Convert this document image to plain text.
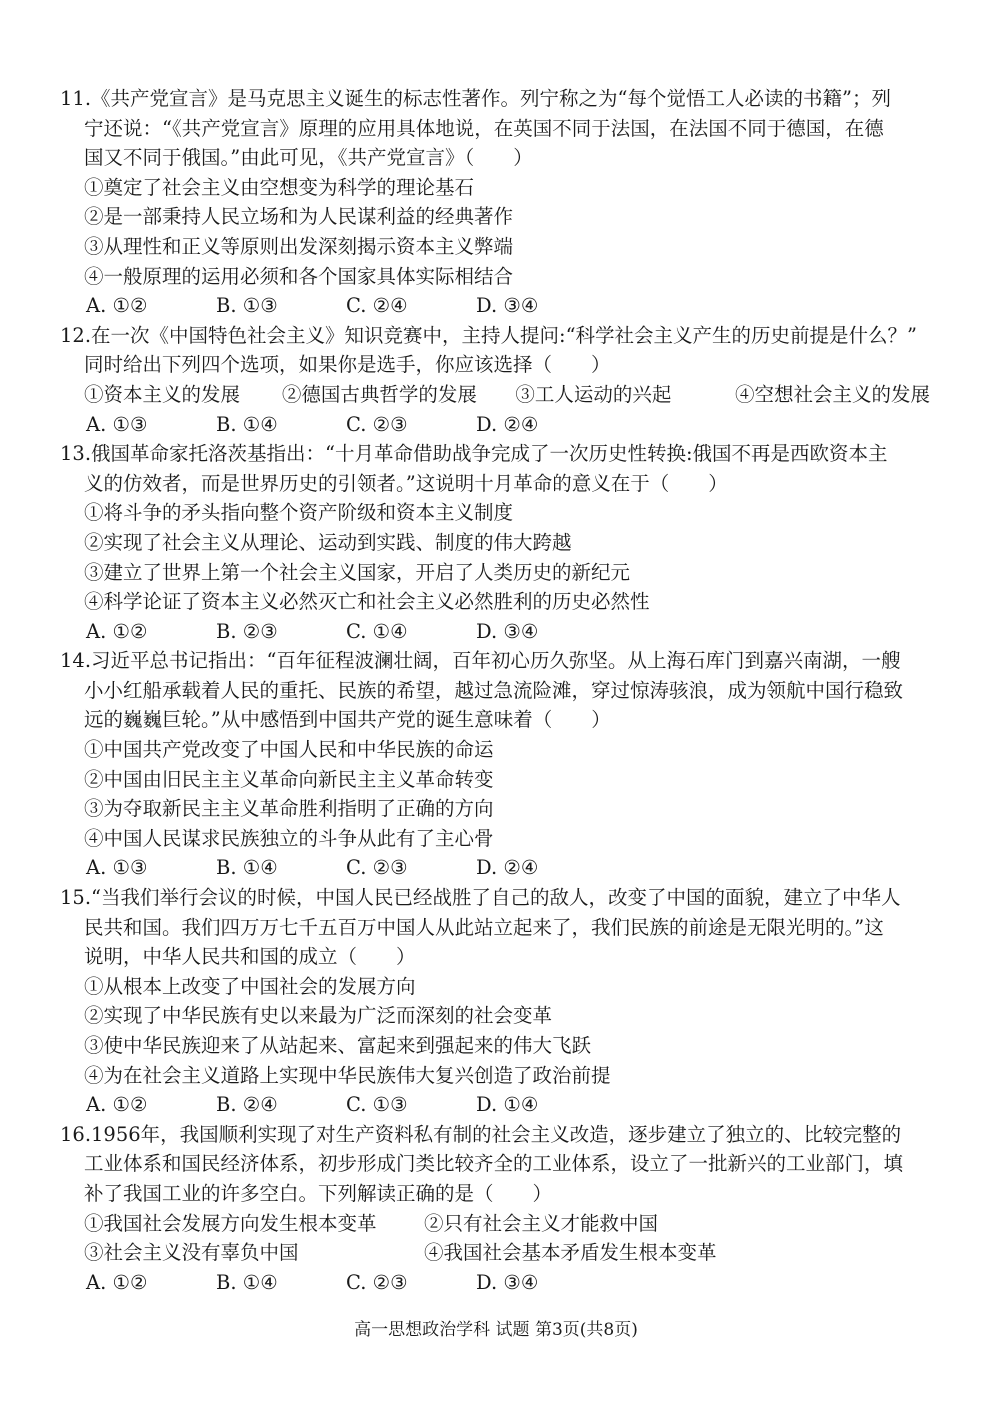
11.《共产党宣言》是马克思主义诞生的标志性著作。列宁称之为“每个觉悟工人必读的书籍”；列
宁还说：“《共产党宣言》原理的应用具体地说，在英国不同于法国，在法国不同于德国，在德
国又不同于俄国。”由此可见，《共产党宣言》（　　）
①奠定了社会主义由空想变为科学的理论基石
②是一部秉持人民立场和为人民谋利益的经典著作
③从理性和正义等原则出发深刻揭示资本主义弊端
④一般原理的运用必须和各个国家具体实际相结合
A. ①②	B. ①③	C. ②④	D. ③④
12.在一次《中国特色社会主义》知识竞赛中，主持人提问:“科学社会主义产生的历史前提是什么？”
同时给出下列四个选项，如果你是选手，你应该选择（　　）
①资本主义的发展	②德国古典哲学的发展	③工人运动的兴起	④空想社会主义的发展
A. ①③	B. ①④	C. ②③	D. ②④
13.俄国革命家托洛茨基指出：“十月革命借助战争完成了一次历史性转换:俄国不再是西欧资本主
义的仿效者，而是世界历史的引领者。”这说明十月革命的意义在于（　　）
①将斗争的矛头指向整个资产阶级和资本主义制度
②实现了社会主义从理论、运动到实践、制度的伟大跨越
③建立了世界上第一个社会主义国家，开启了人类历史的新纪元
④科学论证了资本主义必然灭亡和社会主义必然胜利的历史必然性
A. ①②	B. ②③	C. ①④	D. ③④
14.习近平总书记指出：“百年征程波澜壮阔，百年初心历久弥坚。从上海石库门到嘉兴南湖，一艘
小小红船承载着人民的重托、民族的希望，越过急流险滩，穿过惊涛骇浪，成为领航中国行稳致
远的巍巍巨轮。”从中感悟到中国共产党的诞生意味着（　　）
①中国共产党改变了中国人民和中华民族的命运
②中国由旧民主主义革命向新民主主义革命转变
③为夺取新民主主义革命胜利指明了正确的方向
④中国人民谋求民族独立的斗争从此有了主心骨
A. ①③	B. ①④	C. ②③	D. ②④
15.“当我们举行会议的时候，中国人民已经战胜了自己的敌人，改变了中国的面貌，建立了中华人
民共和国。我们四万万七千五百万中国人从此站立起来了，我们民族的前途是无限光明的。”这
说明，中华人民共和国的成立（　　）
①从根本上改变了中国社会的发展方向
②实现了中华民族有史以来最为广泛而深刻的社会变革
③使中华民族迎来了从站起来、富起来到强起来的伟大飞跃
④为在社会主义道路上实现中华民族伟大复兴创造了政治前提
A. ①②	B. ②④	C. ①③	D. ①④
16.1956年，我国顺利实现了对生产资料私有制的社会主义改造，逐步建立了独立的、比较完整的
工业体系和国民经济体系，初步形成门类比较齐全的工业体系，设立了一批新兴的工业部门，填
补了我国工业的许多空白。下列解读正确的是（　　）
①我国社会发展方向发生根本变革	②只有社会主义才能救中国
③社会主义没有辜负中国	④我国社会基本矛盾发生根本变革
A. ①②	B. ①④	C. ②③	D. ③④
高一思想政治学科 试题 第3页(共8页)
